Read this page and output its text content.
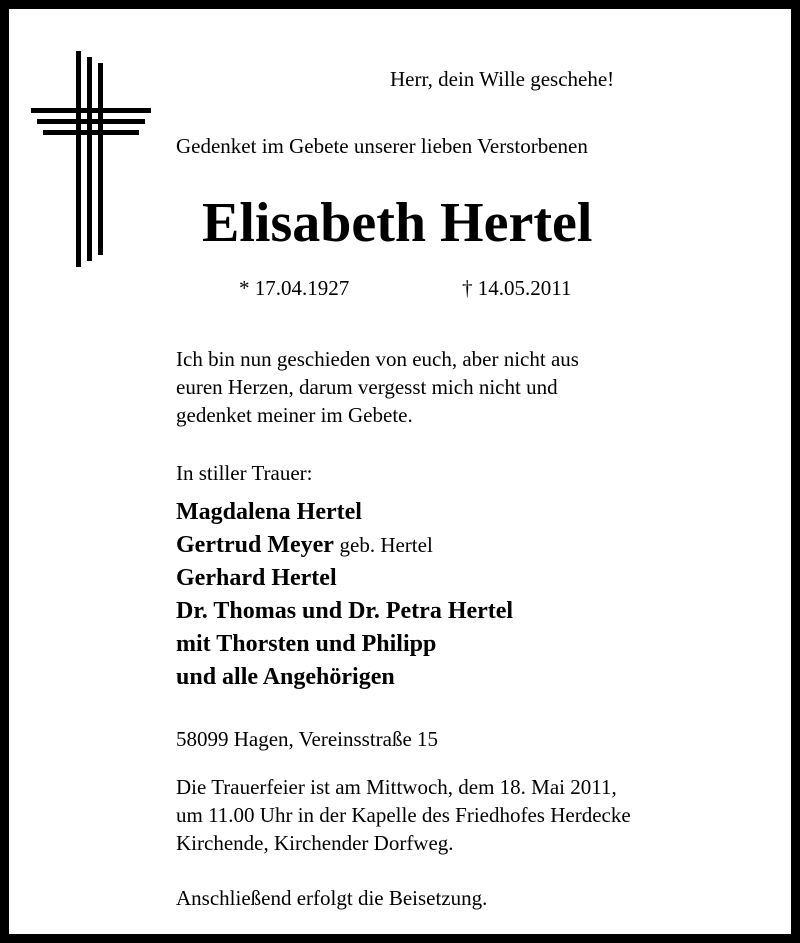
Herr, dein Wille geschehe!
Gedenket im Gebete unserer lieben Verstorbenen
Elisabeth Hertel
* 17.04.1927	† 14.05.2011
Ich bin nun geschieden von euch, aber nicht aus
euren Herzen, darum vergesst mich nicht und
gedenket meiner im Gebete.
In stiller Trauer:
Magdalena Hertel
Gertrud Meyer geb. Hertel
Gerhard Hertel
Dr. Thomas und Dr. Petra Hertel
mit Thorsten und Philipp
und alle Angehörigen
58099 Hagen, Vereinsstraße 15
Die Trauerfeier ist am Mittwoch, dem 18. Mai 2011,
um 11.00 Uhr in der Kapelle des Friedhofes Herdecke
Kirchende, Kirchender Dorfweg.
Anschließend erfolgt die Beisetzung.
